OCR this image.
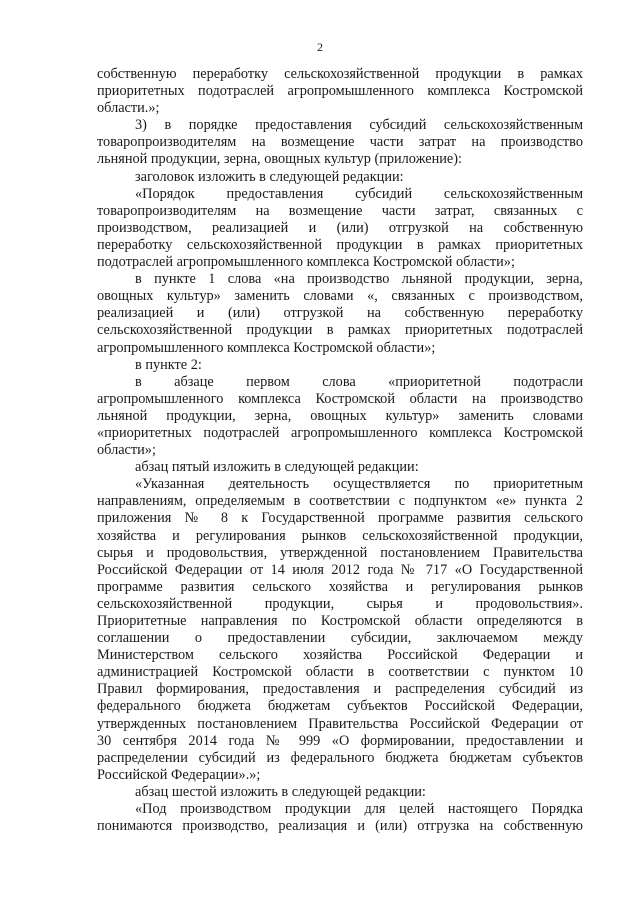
2
собственную переработку сельскохозяйственной продукции в рамках
приоритетных подотраслей агропромышленного комплекса Костромской
области.»;
3) в порядке предоставления субсидий сельскохозяйственным
товаропроизводителям на возмещение части затрат на производство
льняной продукции, зерна, овощных культур (приложение):
заголовок изложить в следующей редакции:
«Порядок предоставления субсидий сельскохозяйственным
товаропроизводителям на возмещение части затрат, связанных с
производством, реализацией и (или) отгрузкой на собственную
переработку сельскохозяйственной продукции в рамках приоритетных
подотраслей агропромышленного комплекса Костромской области»;
в пункте 1 слова «на производство льняной продукции, зерна,
овощных культур» заменить словами «, связанных с производством,
реализацией и (или) отгрузкой на собственную переработку
сельскохозяйственной продукции в рамках приоритетных подотраслей
агропромышленного комплекса Костромской области»;
в пункте 2:
в абзаце первом слова «приоритетной подотрасли
агропромышленного комплекса Костромской области на производство
льняной продукции, зерна, овощных культур» заменить словами
«приоритетных подотраслей агропромышленного комплекса Костромской
области»;
абзац пятый изложить в следующей редакции:
«Указанная деятельность осуществляется по приоритетным
направлениям, определяемым в соответствии с подпунктом «е» пункта 2
приложения № 8 к Государственной программе развития сельского
хозяйства и регулирования рынков сельскохозяйственной продукции,
сырья и продовольствия, утвержденной постановлением Правительства
Российской Федерации от 14 июля 2012 года № 717 «О Государственной
программе развития сельского хозяйства и регулирования рынков
сельскохозяйственной продукции, сырья и продовольствия».
Приоритетные направления по Костромской области определяются в
соглашении о предоставлении субсидии, заключаемом между
Министерством сельского хозяйства Российской Федерации и
администрацией Костромской области в соответствии с пунктом 10
Правил формирования, предоставления и распределения субсидий из
федерального бюджета бюджетам субъектов Российской Федерации,
утвержденных постановлением Правительства Российской Федерации от
30 сентября 2014 года № 999 «О формировании, предоставлении и
распределении субсидий из федерального бюджета бюджетам субъектов
Российской Федерации».»;
абзац шестой изложить в следующей редакции:
«Под производством продукции для целей настоящего Порядка
понимаются производство, реализация и (или) отгрузка на собственную
